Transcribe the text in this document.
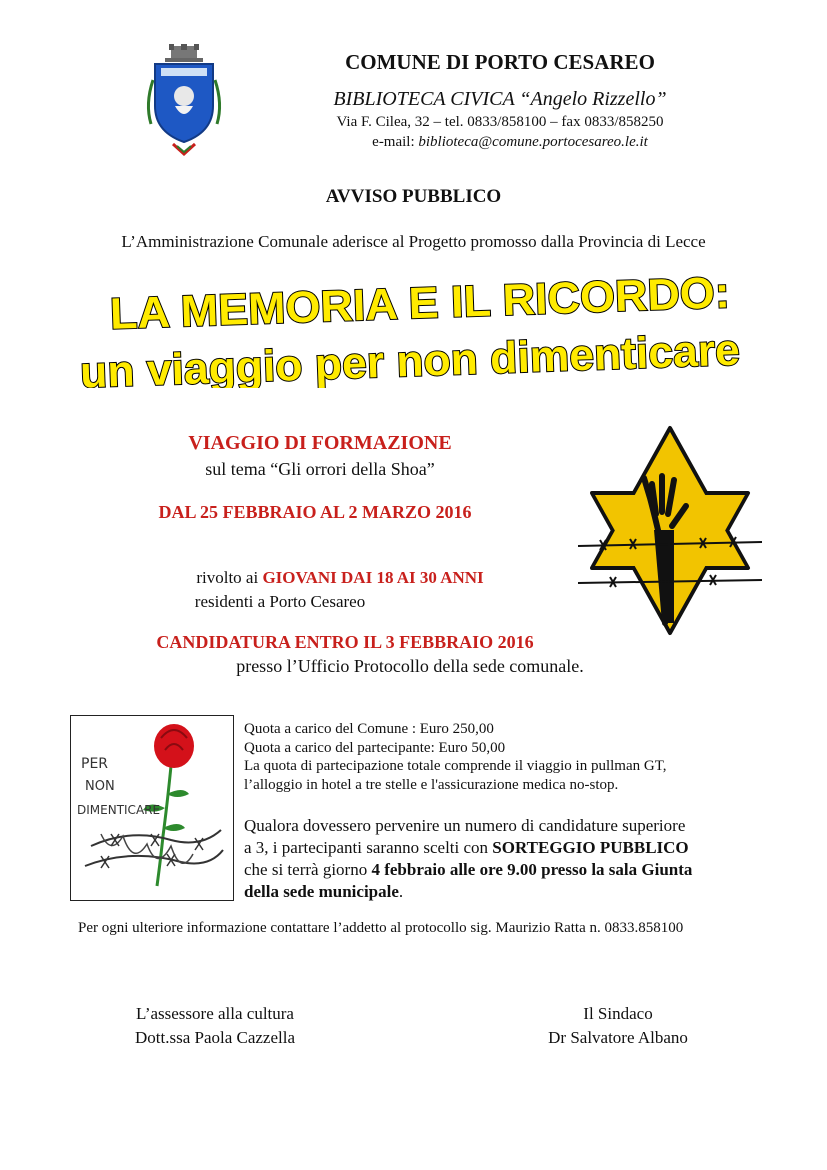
COMUNE DI PORTO CESAREO
BIBLIOTECA CIVICA “Angelo Rizzello”
Via F. Cilea, 32 – tel. 0833/858100 – fax 0833/858250
e-mail: biblioteca@comune.portocesareo.le.it
AVVISO PUBBLICO
L’Amministrazione Comunale aderisce al Progetto promosso dalla Provincia di Lecce
LA MEMORIA E IL RICORDO:
un viaggio per non dimenticare
VIAGGIO DI FORMAZIONE
sul tema “Gli orrori della Shoa”
DAL 25 FEBBRAIO AL 2 MARZO 2016
rivolto ai GIOVANI DAI 18 AI 30 ANNI
residenti a Porto Cesareo
CANDIDATURA ENTRO IL 3 FEBBRAIO 2016
presso l’Ufficio Protocollo della sede comunale.
PER
NON
DIMENTICARE
Quota a carico del Comune : Euro 250,00
Quota a carico del partecipante: Euro 50,00
La quota di partecipazione totale comprende il viaggio in pullman GT,
l’alloggio in hotel a tre stelle e l'assicurazione medica no-stop.
Qualora dovessero pervenire un numero di candidature superiore
a 3, i partecipanti saranno scelti con SORTEGGIO PUBBLICO
che si terrà giorno 4 febbraio alle ore 9.00 presso la sala Giunta
della sede municipale.
Per ogni ulteriore informazione contattare l’addetto al protocollo sig. Maurizio Ratta n. 0833.858100
L’assessore alla cultura
Dott.ssa Paola Cazzella
Il Sindaco
Dr Salvatore Albano
